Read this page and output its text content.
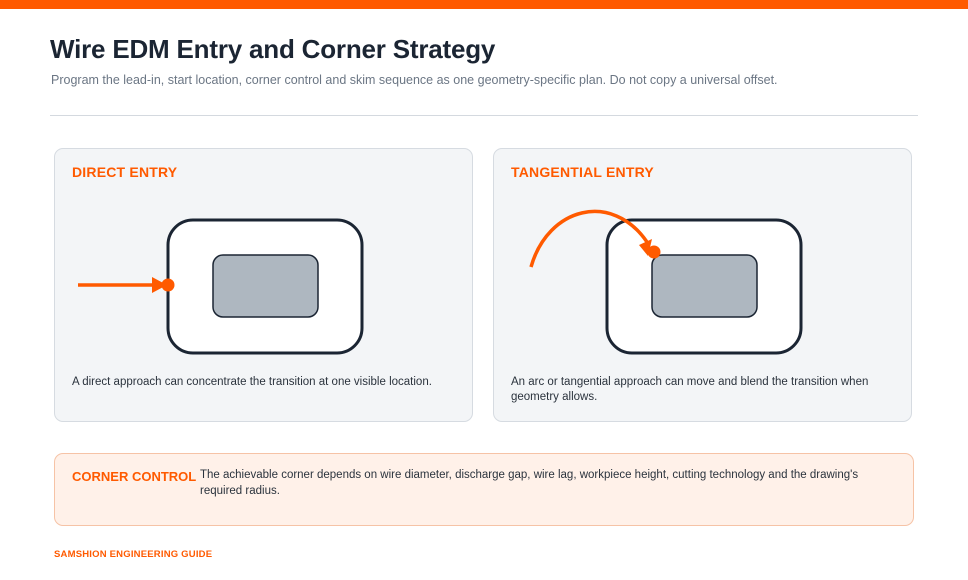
Wire EDM Entry and Corner Strategy

Program the lead-in, start location, corner control and skim sequence as one geometry-specific plan. Do not copy a universal offset.

DIRECT ENTRY

A direct approach can concentrate the transition at one visible location.

TANGENTIAL ENTRY

An arc or tangential approach can move and blend the transition when geometry allows.

CORNER CONTROL The achievable corner depends on wire diameter, discharge gap, wire lag, workpiece height, cutting technology and the drawing's required radius.

SAMSHION ENGINEERING GUIDE
